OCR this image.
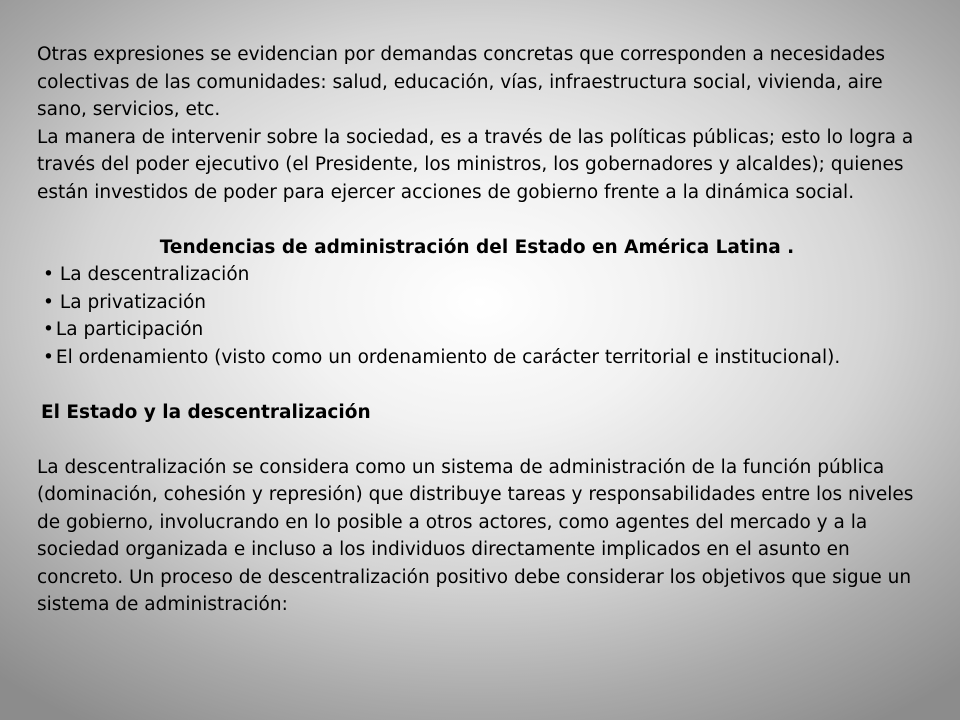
Otras expresiones se evidencian por demandas concretas que corresponden a necesidades colectivas de las comunidades: salud, educación, vías, infraestructura social, vivienda, aire sano, servicios, etc.

La manera de intervenir sobre la sociedad, es a través de las políticas públicas; esto lo logra a través del poder ejecutivo (el Presidente, los ministros, los gobernadores y alcaldes); quienes están investidos de poder para ejercer acciones de gobierno frente a la dinámica social.

Tendencias de administración del Estado en América Latina .

• La descentralización
• La privatización
• La participación
• El ordenamiento (visto como un ordenamiento de carácter territorial e institucional).

El Estado y la descentralización

La descentralización se considera como un sistema de administración de la función pública (dominación, cohesión y represión) que distribuye tareas y responsabilidades entre los niveles de gobierno, involucrando en lo posible a otros actores, como agentes del mercado y a la sociedad organizada e incluso a los individuos directamente implicados en el asunto en concreto. Un proceso de descentralización positivo debe considerar los objetivos que sigue un sistema de administración:
